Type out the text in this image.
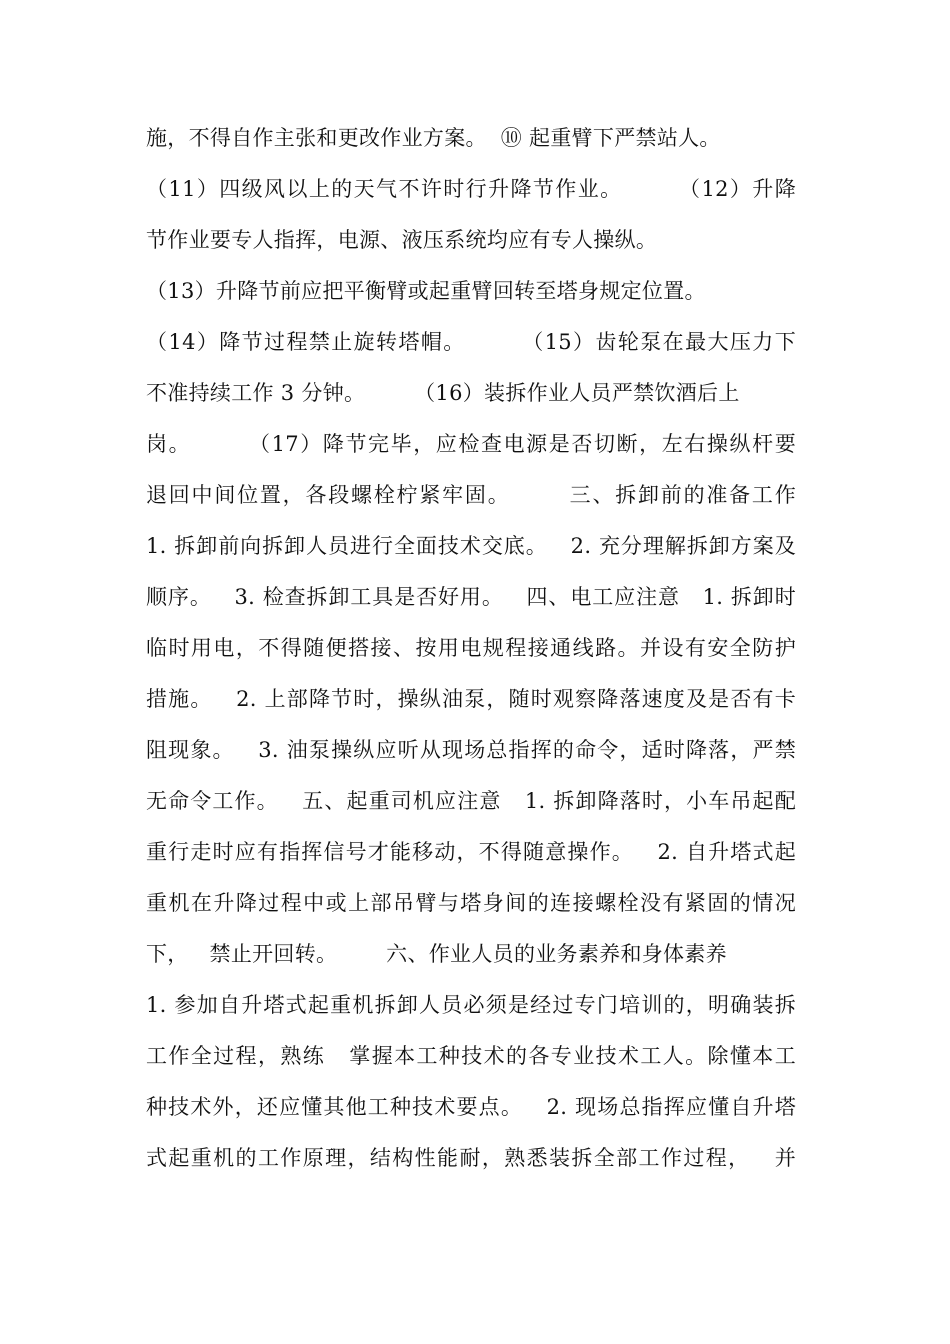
施，不得自作主张和更改作业方案。  ⑩ 起重臂下严禁站人。
（11）四级风以上的天气不许时行升降节作业。       （12）升降
节作业要专人指挥，电源、液压系统均应有专人操纵。
（13）升降节前应把平衡臂或起重臂回转至塔身规定位置。
（14）降节过程禁止旋转塔帽。       （15）齿轮泵在最大压力下
不准持续工作 3 分钟。       （16）装拆作业人员严禁饮酒后上
岗。       （17）降节完毕，应检查电源是否切断，左右操纵杆要
退回中间位置，各段螺栓柠紧牢固。       三、拆卸前的准备工作
1. 拆卸前向拆卸人员进行全面技术交底。   2. 充分理解拆卸方案及
顺序。   3. 检查拆卸工具是否好用。   四、电工应注意   1. 拆卸时
临时用电，不得随便搭接、按用电规程接通线路。并设有安全防护
措施。   2. 上部降节时，操纵油泵，随时观察降落速度及是否有卡
阻现象。   3. 油泵操纵应听从现场总指挥的命令，适时降落，严禁
无命令工作。   五、起重司机应注意   1. 拆卸降落时，小车吊起配
重行走时应有指挥信号才能移动，不得随意操作。   2. 自升塔式起
重机在升降过程中或上部吊臂与塔身间的连接螺栓没有紧固的情况
下，   禁止开回转。       六、作业人员的业务素养和身体素养
1. 参加自升塔式起重机拆卸人员必须是经过专门培训的，明确装拆
工作全过程，熟练   掌握本工种技术的各专业技术工人。除懂本工
种技术外，还应懂其他工种技术要点。   2. 现场总指挥应懂自升塔
式起重机的工作原理，结构性能耐，熟悉装拆全部工作过程，   并
